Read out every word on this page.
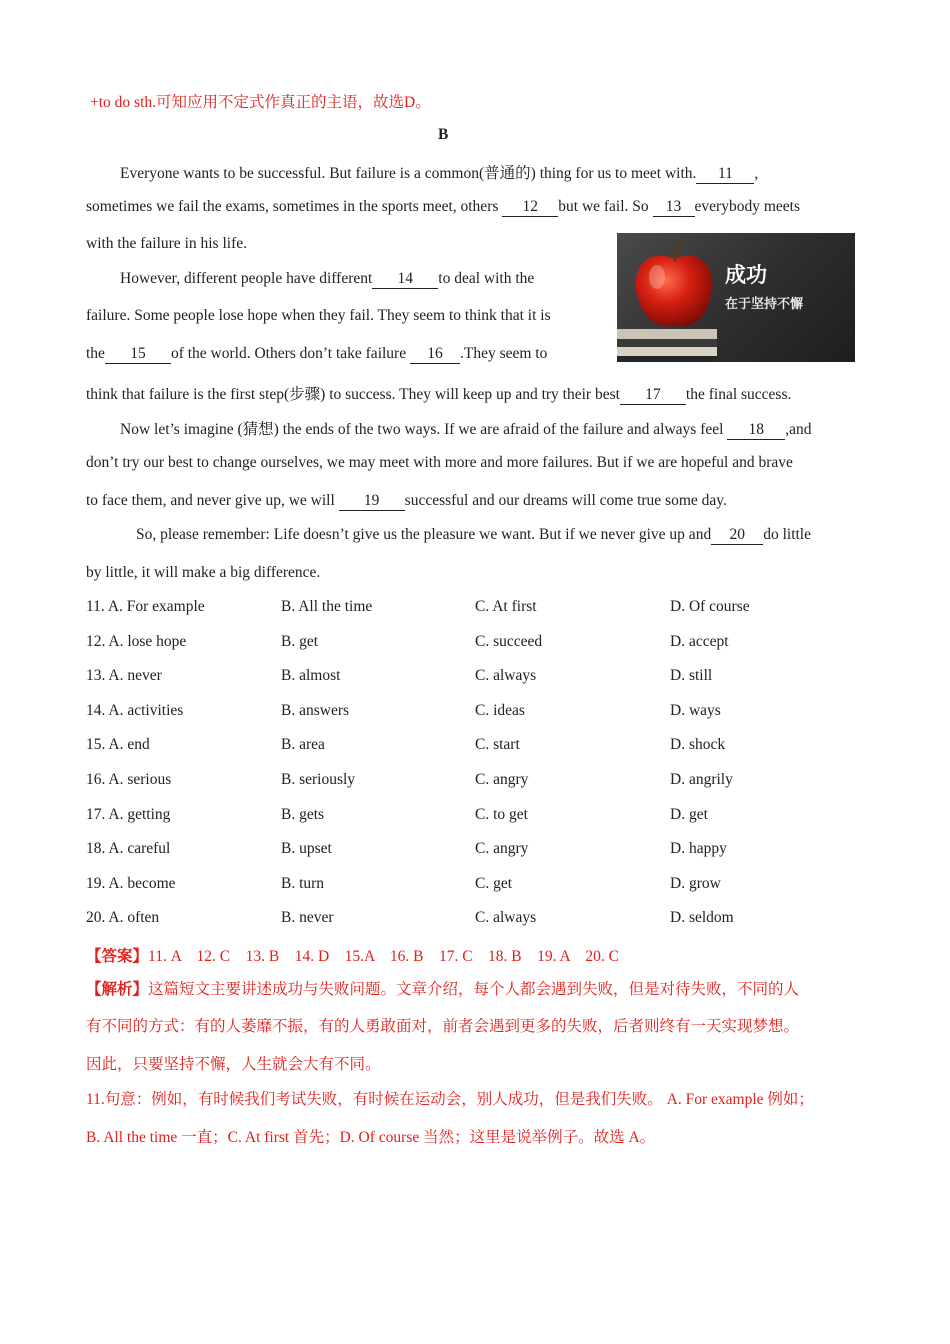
+to do sth.可知应用不定式作真正的主语，故选D。
B
Everyone wants to be successful. But failure is a common(普通的) thing for us to meet with. 11 ,
sometimes we fail the exams, sometimes in the sports meet, others 12 but we fail. So 13 everybody meets
with the failure in his life.
However, different people have different 14 to deal with the
failure. Some people lose hope when they fail. They seem to think that it is
the 15 of the world. Others don’t take failure 16 .They seem to
think that failure is the first step(步骤) to success. They will keep up and try their best 17 the final success.
Now let’s imagine (猜想) the ends of the two ways. If we are afraid of the failure and always feel 18 ,and
don’t try our best to change ourselves, we may meet with more and more failures. But if we are hopeful and brave
to face them, and never give up, we will 19 successful and our dreams will come true some day.
So, please remember: Life doesn’t give us the pleasure we want. But if we never give up and 20 do little
by little, it will make a big difference.
成功
在于坚持不懈
11. A. For example	B. All the time	C. At first	D. Of course
12. A. lose hope	B. get	C. succeed	D. accept
13. A. never	B. almost	C. always	D. still
14. A. activities	B. answers	C. ideas	D. ways
15. A. end	B. area	C. start	D. shock
16. A. serious	B. seriously	C. angry	D. angrily
17. A. getting	B. gets	C. to get	D. get
18. A. careful	B. upset	C. angry	D. happy
19. A. become	B. turn	C. get	D. grow
20. A. often	B. never	C. always	D. seldom
【答案】11. A　12. C　13. B　14. D　15.A　16. B　17. C　18. B　19. A　20. C
【解析】这篇短文主要讲述成功与失败问题。文章介绍，每个人都会遇到失败，但是对待失败，不同的人
有不同的方式：有的人萎靡不振，有的人勇敢面对，前者会遇到更多的失败，后者则终有一天实现梦想。
因此，只要坚持不懈，人生就会大有不同。
11.句意：例如，有时候我们考试失败，有时候在运动会，别人成功，但是我们失败。 A. For example 例如；
B. All the time 一直；C. At first 首先；D. Of course 当然；这里是说举例子。故选 A。
